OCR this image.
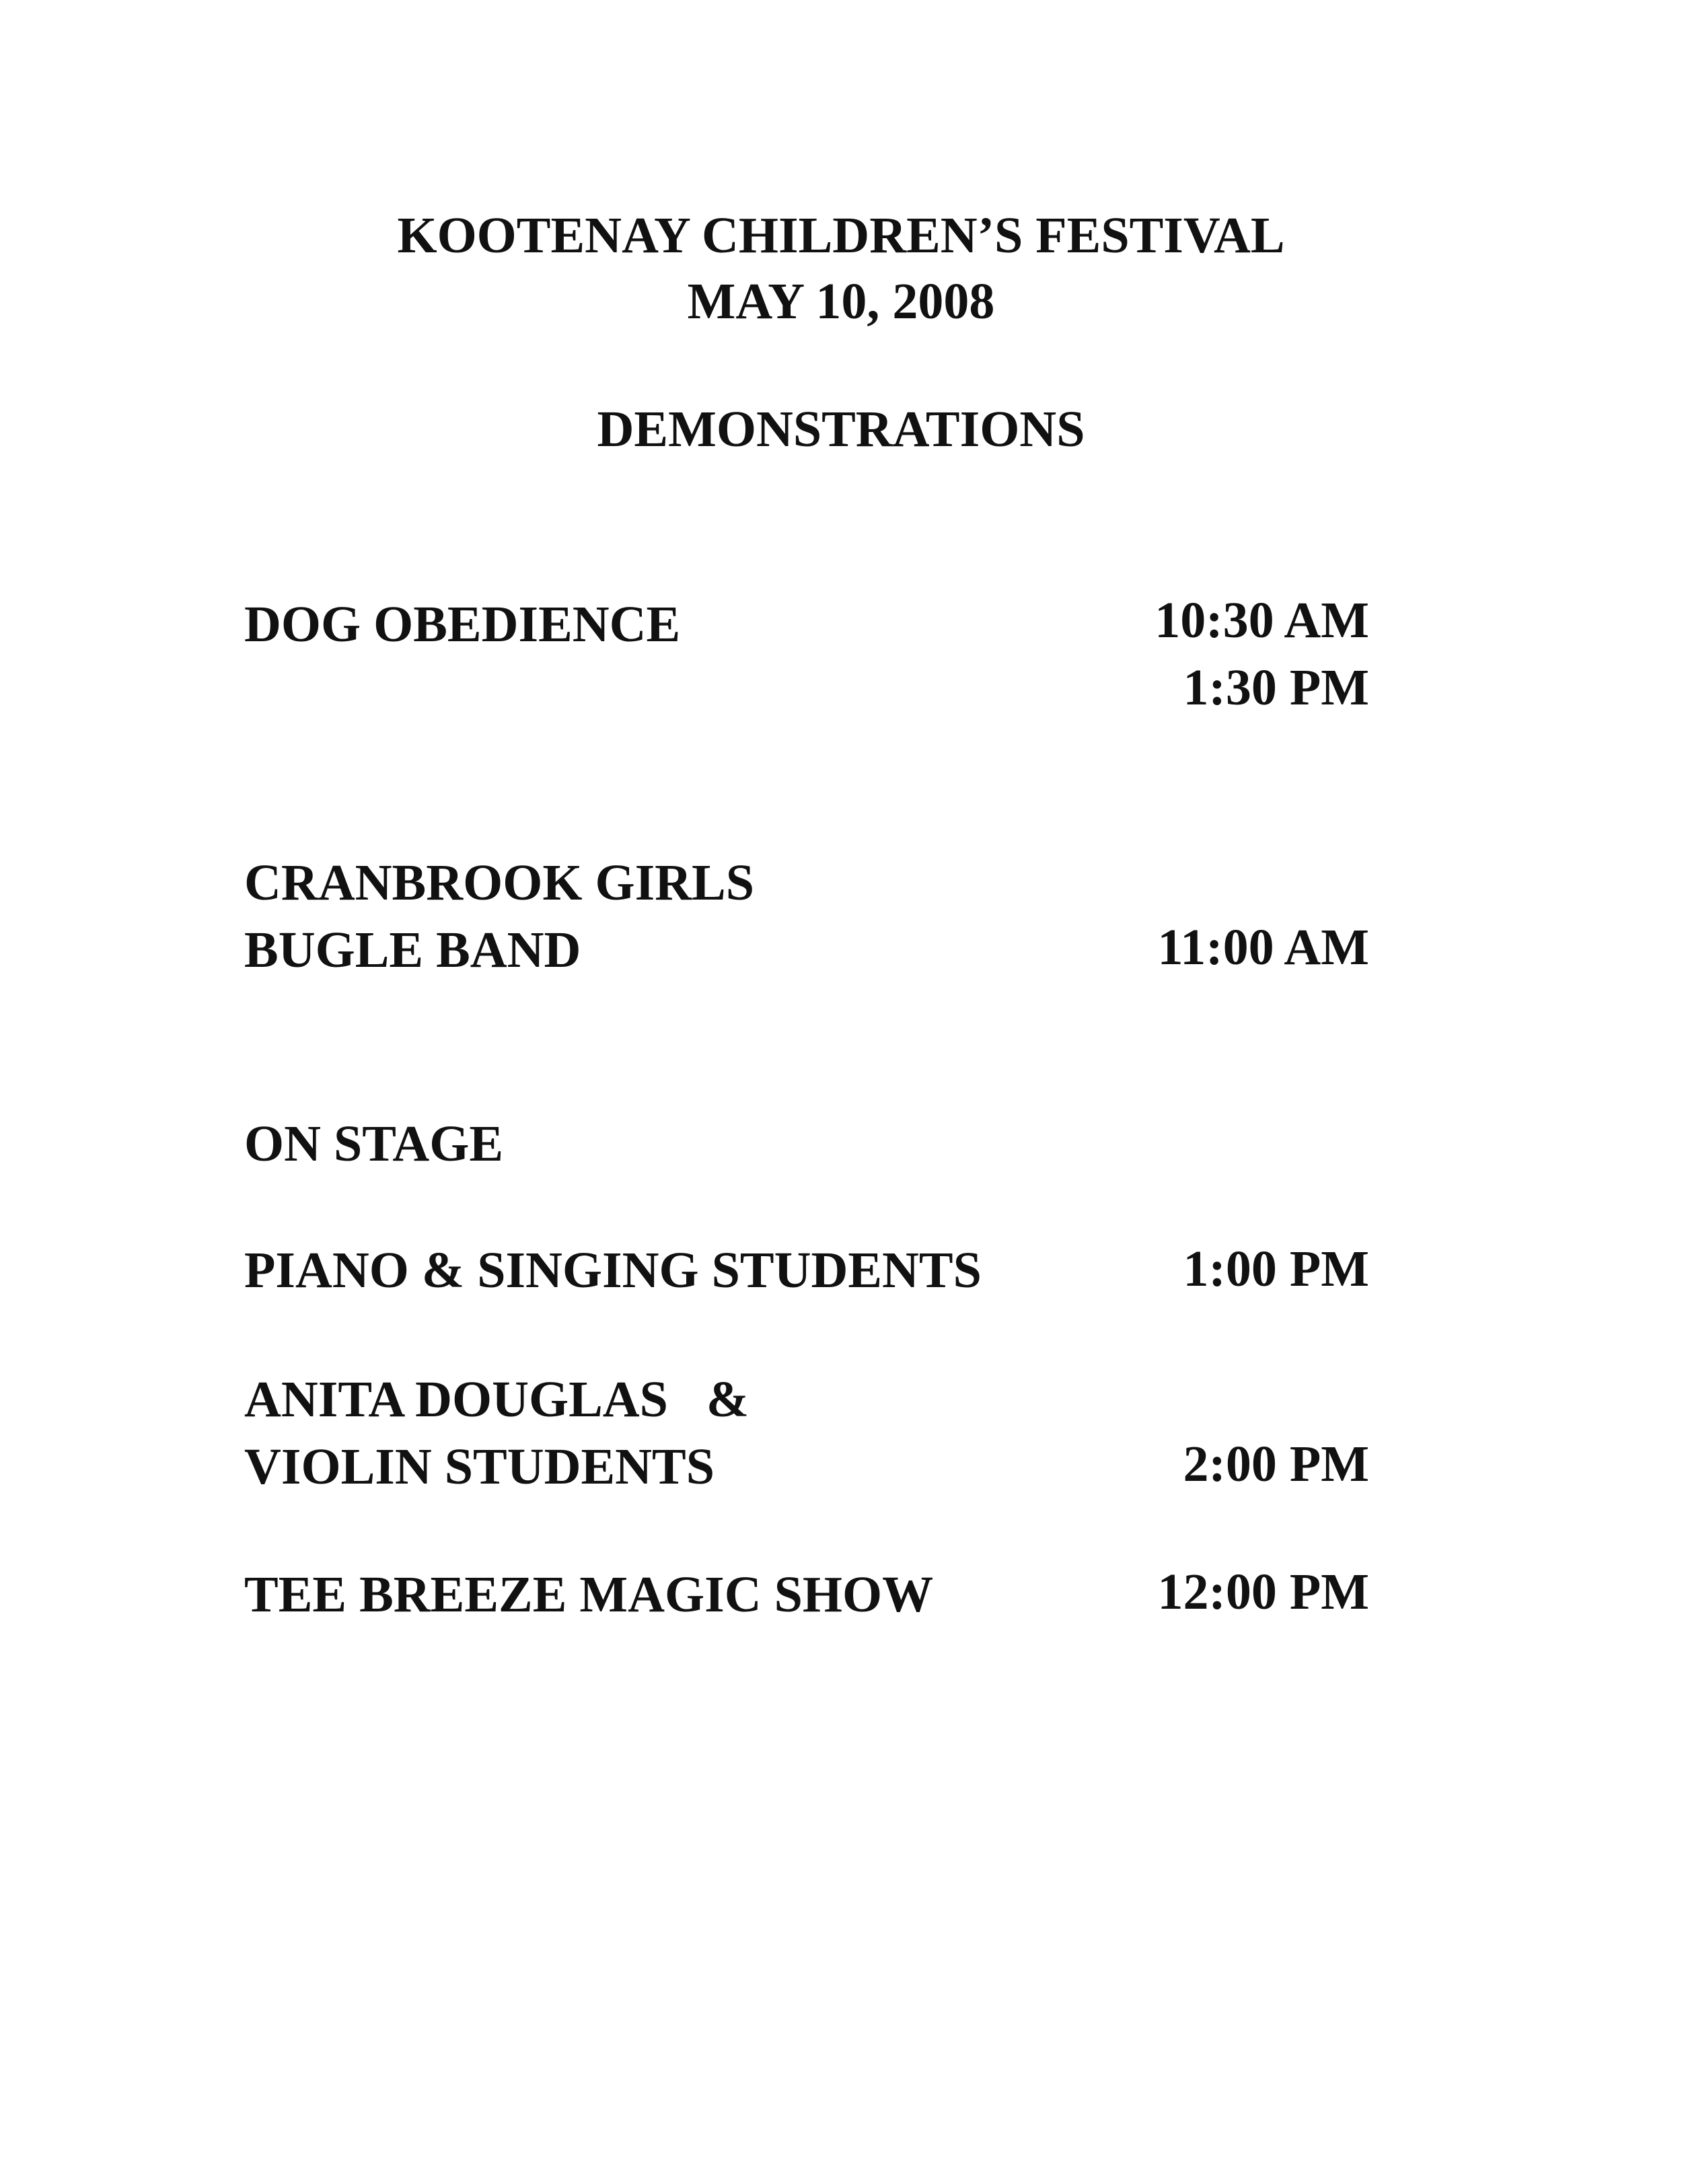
KOOTENAY CHILDREN’S FESTIVAL
MAY 10, 2008
DEMONSTRATIONS
DOG OBEDIENCE	10:30 AM
1:30 PM
CRANBROOK GIRLS
BUGLE BAND	11:00 AM
ON STAGE
PIANO & SINGING STUDENTS	1:00 PM
ANITA DOUGLAS   &
VIOLIN STUDENTS	2:00 PM
TEE BREEZE MAGIC SHOW	12:00 PM
